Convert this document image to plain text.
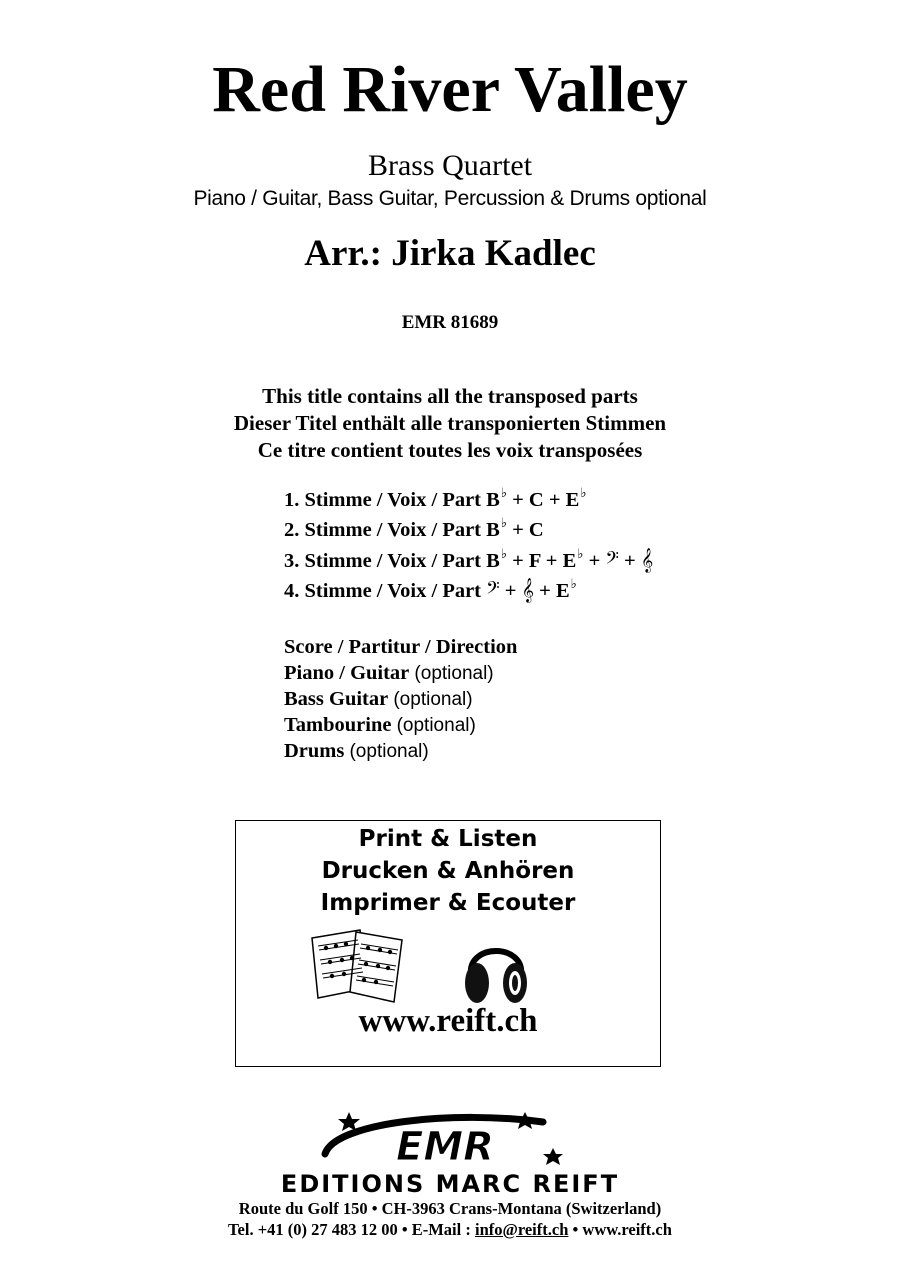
Red River Valley
Brass Quartet
Piano / Guitar, Bass Guitar, Percussion & Drums optional
Arr.: Jirka Kadlec
EMR 81689
This title contains all the transposed parts
Dieser Titel enthält alle transponierten Stimmen
Ce titre contient toutes les voix transposées
1. Stimme / Voix / Part B♭ + C + E♭
2. Stimme / Voix / Part B♭ + C
3. Stimme / Voix / Part B♭ + F + E♭ + 𝄢 + 𝄞
4. Stimme / Voix / Part 𝄢 + 𝄞 + E♭
Score / Partitur / Direction
Piano / Guitar (optional)
Bass Guitar (optional)
Tambourine (optional)
Drums (optional)
Print & Listen
Drucken & Anhören
Imprimer & Ecouter
www.reift.ch
EMR
EDITIONS MARC REIFT
Route du Golf 150 • CH-3963 Crans-Montana (Switzerland)
Tel. +41 (0) 27 483 12 00 • E-Mail : info@reift.ch • www.reift.ch
